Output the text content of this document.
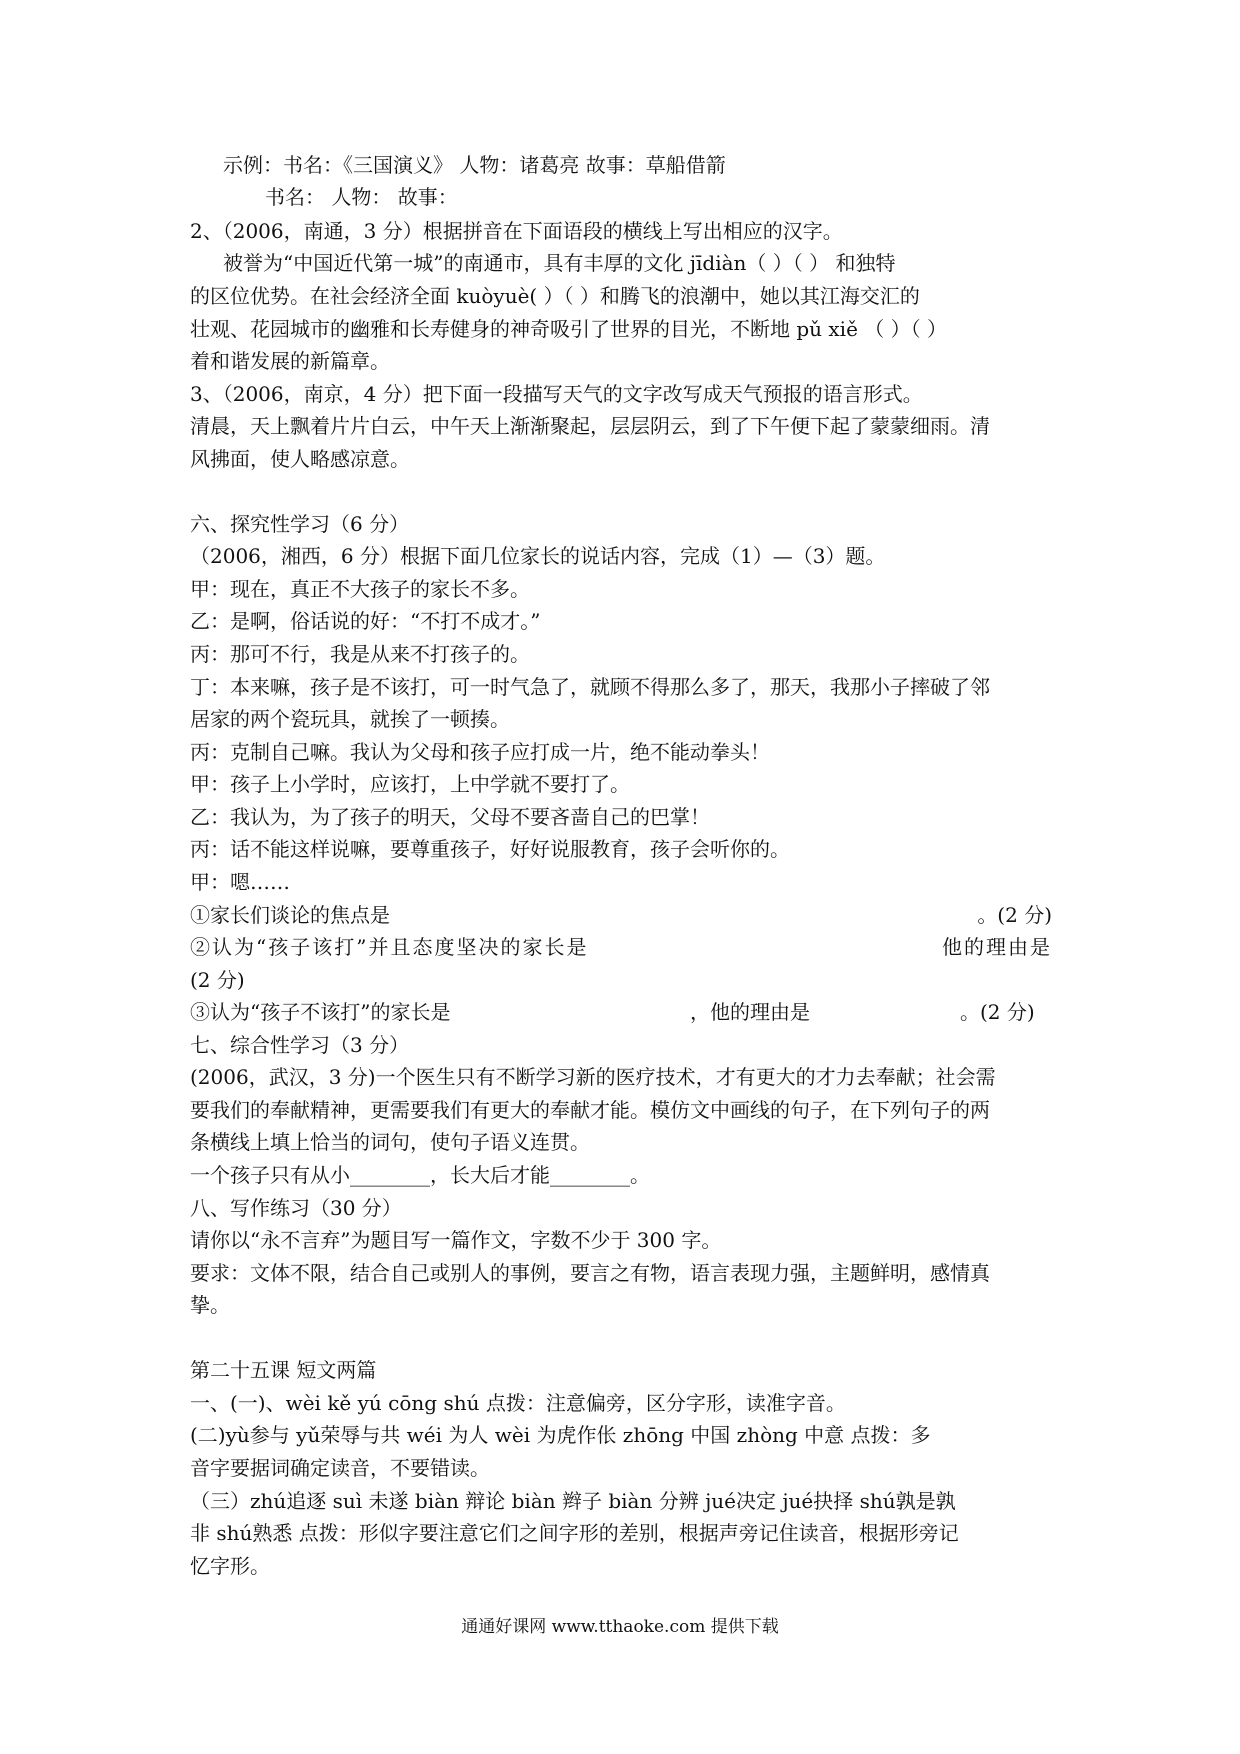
示例：书名：《三国演义》 人物：诸葛亮 故事：草船借箭
书名： 人物： 故事：
2、（2006，南通，3 分）根据拼音在下面语段的横线上写出相应的汉字。
被誉为“中国近代第一城”的南通市，具有丰厚的文化 jīdiàn（ ）（ ） 和独特
的区位优势。在社会经济全面 kuòyuè( ）（ ）和腾飞的浪潮中，她以其江海交汇的
壮观、花园城市的幽雅和长寿健身的神奇吸引了世界的目光，不断地 pǔ xiě （ ）（ ）
着和谐发展的新篇章。
3、（2006，南京，4 分）把下面一段描写天气的文字改写成天气预报的语言形式。
清晨，天上飘着片片白云，中午天上渐渐聚起，层层阴云，到了下午便下起了蒙蒙细雨。清
风拂面，使人略感凉意。
六、探究性学习（6 分）
（2006，湘西，6 分）根据下面几位家长的说话内容，完成（1）—（3）题。
甲：现在，真正不大孩子的家长不多。
乙：是啊，俗话说的好：“不打不成才。”
丙：那可不行，我是从来不打孩子的。
丁：本来嘛，孩子是不该打，可一时气急了，就顾不得那么多了，那天，我那小子摔破了邻
居家的两个瓷玩具，就挨了一顿揍。
丙：克制自己嘛。我认为父母和孩子应打成一片，绝不能动拳头！
甲：孩子上小学时，应该打，上中学就不要打了。
乙：我认为，为了孩子的明天，父母不要吝啬自己的巴掌！
丙：话不能这样说嘛，要尊重孩子，好好说服教育，孩子会听你的。
甲：嗯……
①家长们谈论的焦点是	。(2 分)
②认为“孩子该打”并且态度坚决的家长是	他的理由是
(2 分)
③认为“孩子不该打”的家长是	，他的理由是	。(2 分)
七、综合性学习（3 分）
(2006，武汉，3 分)一个医生只有不断学习新的医疗技术，才有更大的才力去奉献；社会需
要我们的奉献精神，更需要我们有更大的奉献才能。模仿文中画线的句子，在下列句子的两
条横线上填上恰当的词句，使句子语义连贯。
一个孩子只有从小________，长大后才能________。
八、写作练习（30 分）
请你以“永不言弃”为题目写一篇作文，字数不少于 300 字。
要求：文体不限，结合自己或别人的事例，要言之有物，语言表现力强，主题鲜明，感情真
挚。
第二十五课 短文两篇
一、(一)、wèi kě yú cōng shú 点拨：注意偏旁，区分字形，读准字音。
(二)yù参与 yǔ荣辱与共 wéi 为人 wèi 为虎作伥 zhōng 中国 zhòng 中意 点拨：多
音字要据词确定读音，不要错读。
（三）zhú追逐 suì 未遂 biàn 辩论 biàn 辫子 biàn 分辨 jué决定 jué抉择 shú孰是孰
非 shú熟悉 点拨：形似字要注意它们之间字形的差别，根据声旁记住读音，根据形旁记
忆字形。
通通好课网 www.tthaoke.com 提供下载
